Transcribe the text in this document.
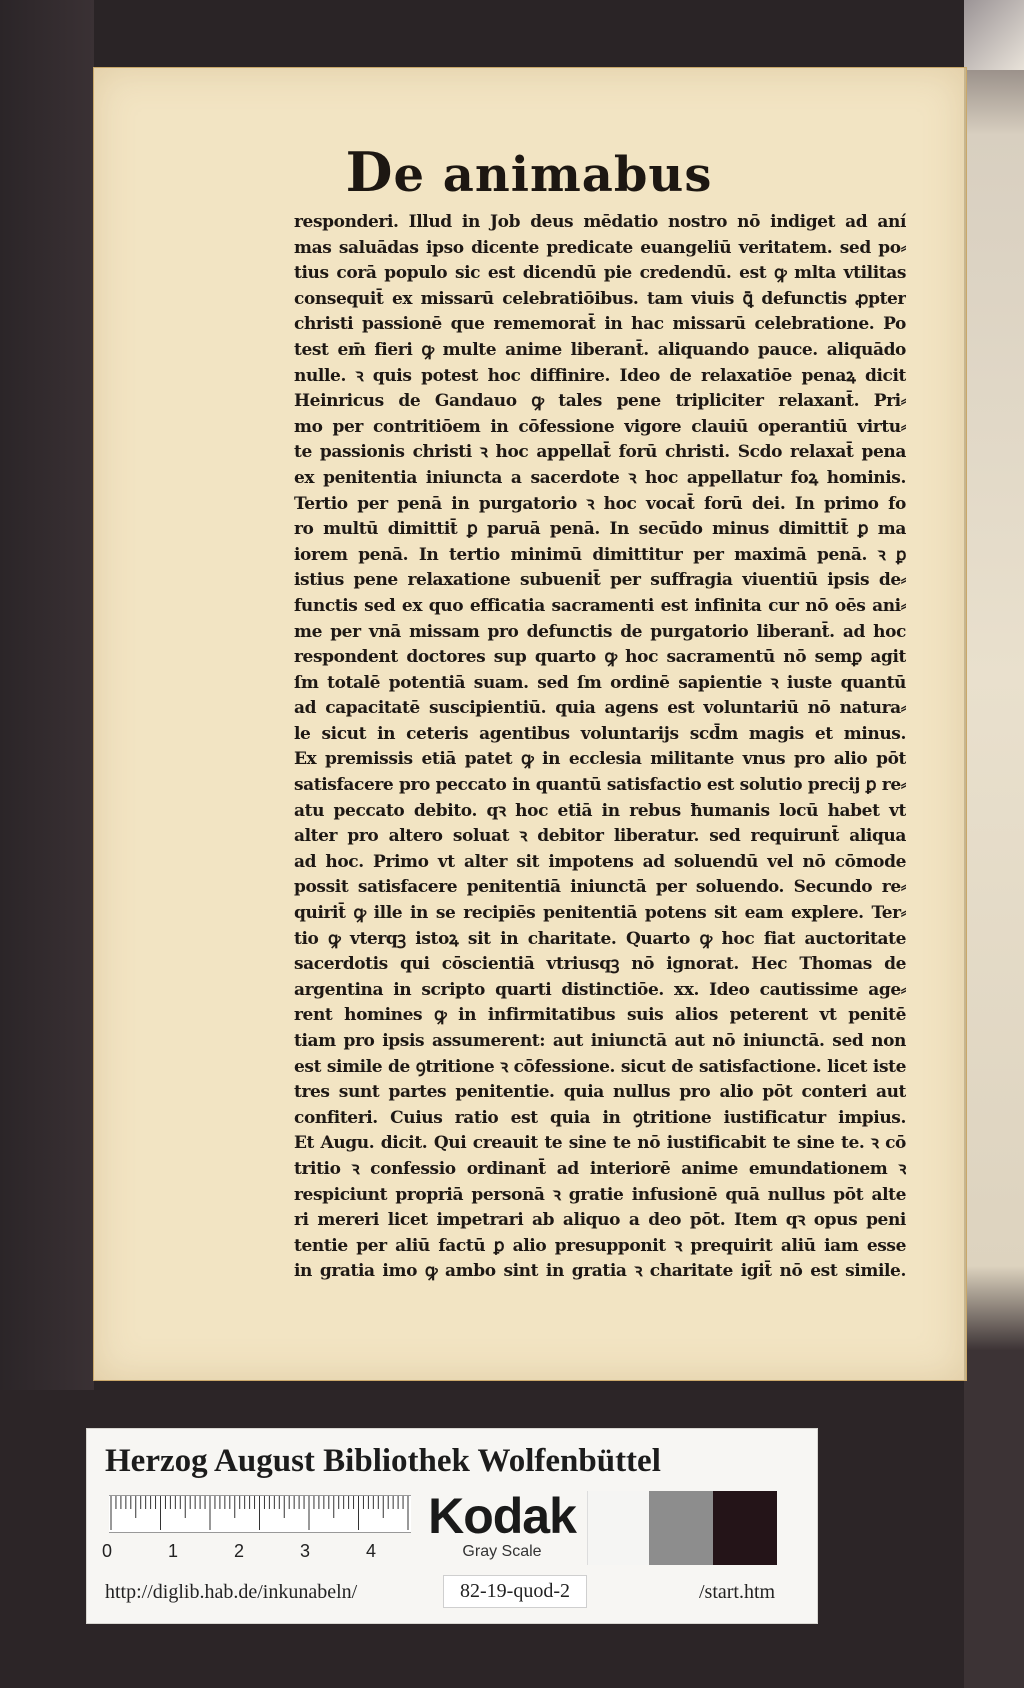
De animabus
responderi. Illud in Job deus mēdatio nostro nō indiget ad aní
mas saluādas ipso dicente predicate euangeliū veritatem. sed po⸗
tius corā populo sic est dicendū pie credendū. est ꝙ mlta vtilitas
consequit̄ ex missarū celebratiōibus. tam viuis ꝗ̄ defunctis ꝓpter
christi passionē que rememorat̄ in hac missarū celebratione. Po
test em̄ fieri ꝙ multe anime liberant̄. aliquando pauce. aliquādo
nulle. ꝛ quis potest hoc diffinire. Ideo de relaxatiōe penaꝝ dicit
Heinricus de Gandauo ꝙ tales pene tripliciter relaxant̄. Pri⸗
mo per contritiōem in cōfessione vigore clauiū operantiū virtu⸗
te passionis christi ꝛ hoc appellat̄ forū christi. Scdo relaxat̄ pena
ex penitentia iniuncta a sacerdote ꝛ hoc appellatur foꝝ hominis.
Tertio per penā in purgatorio ꝛ hoc vocat̄ forū dei. In primo fo
ro multū dimittit̄ ꝑ paruā penā. In secūdo minus dimittit̄ ꝑ ma
iorem penā. In tertio minimū dimittitur per maximā penā. ꝛ ꝑ
istius pene relaxatione subuenit̄ per suffragia viuentiū ipsis de⸗
functis sed ex quo efficatia sacramenti est infinita cur nō oēs ani⸗
me per vnā missam pro defunctis de purgatorio liberant̄. ad hoc
respondent doctores sup quarto ꝙ hoc sacramentū nō semꝑ agit
ſm totalē potentiā suam. sed ſm ordinē sapientie ꝛ iuste quantū
ad capacitatē suscipientiū. quia agens est voluntariū nō natura⸗
le sicut in ceteris agentibus voluntarijs scd̄m magis et minus.
Ex premissis etiā patet ꝙ in ecclesia militante vnus pro alio pōt
satisfacere pro peccato in quantū satisfactio est solutio precij ꝑ re⸗
atu peccato debito. qꝛ hoc etiā in rebus ħumanis locū habet vt
alter pro altero soluat ꝛ debitor liberatur. sed requirunt̄ aliqua
ad hoc. Primo vt alter sit impotens ad soluendū vel nō cōmode
possit satisfacere penitentiā iniunctā per soluendo. Secundo re⸗
quirit̄ ꝙ ille in se recipiēs penitentiā potens sit eam explere. Ter⸗
tio ꝙ vterqꝫ istoꝝ sit in charitate. Quarto ꝙ hoc fiat auctoritate
sacerdotis qui cōscientiā vtriusqꝫ nō ignorat. Hec Thomas de
argentina in scripto quarti distinctiōe. xx. Ideo cautissime age⸗
rent homines ꝙ in infirmitatibus suis alios peterent vt penitē
tiam pro ipsis assumerent: aut iniunctā aut nō iniunctā. sed non
est simile de ꝯtritione ꝛ cōfessione. sicut de satisfactione. licet iste
tres sunt partes penitentie. quia nullus pro alio pōt conteri aut
confiteri. Cuius ratio est quia in ꝯtritione iustificatur impius.
Et Augu. dicit. Qui creauit te sine te nō iustificabit te sine te. ꝛ cō
tritio ꝛ confessio ordinant̄ ad interiorē anime emundationem ꝛ
respiciunt propriā personā ꝛ gratie infusionē quā nullus pōt alte
ri mereri licet impetrari ab aliquo a deo pōt. Item qꝛ opus peni
tentie per aliū factū ꝑ alio presupponit ꝛ prequirit aliū iam esse
in gratia imo ꝙ ambo sint in gratia ꝛ charitate igit̄ nō est simile.
Herzog August Bibliothek Wolfenbüttel
0	1	2	3	4
Kodak
Gray Scale
http://diglib.hab.de/inkunabeln/	82-19-quod-2	/start.htm
